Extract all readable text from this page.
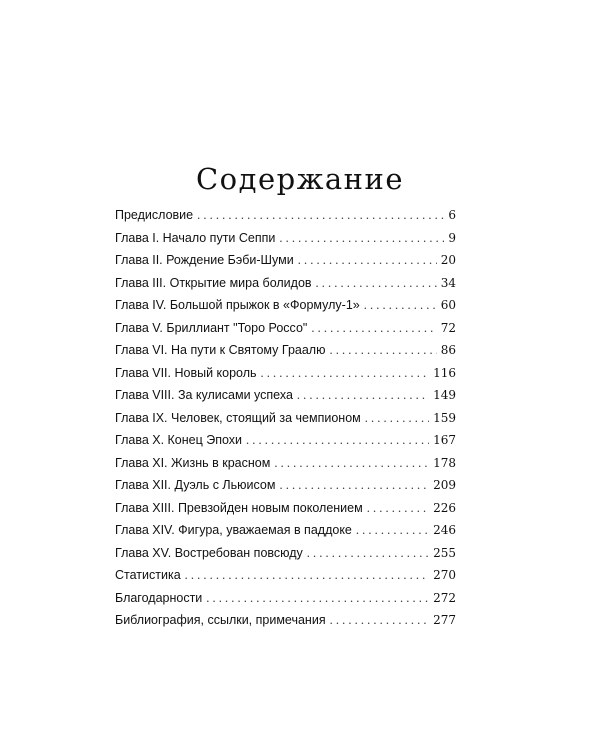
Содержание
Предисловие . . .	6
Глава I. Начало пути Сеппи . . .	9
Глава II. Рождение Бэби-Шуми . . .	20
Глава III. Открытие мира болидов . . .	34
Глава IV. Большой прыжок в «Формулу-1» . . .	60
Глава V. Бриллиант "Торо Россо" . . .	72
Глава VI. На пути к Святому Граалю . . .	86
Глава VII. Новый король . . .	116
Глава VIII. За кулисами успеха . . .	149
Глава IX. Человек, стоящий за чемпионом . . .	159
Глава X. Конец Эпохи . . .	167
Глава XI. Жизнь в красном . . .	178
Глава XII. Дуэль с Льюисом . . .	209
Глава XIII. Превзойден новым поколением . . .	226
Глава XIV. Фигура, уважаемая в паддоке . . .	246
Глава XV. Востребован повсюду . . .	255
Статистика . . .	270
Благодарности . . .	272
Библиография, ссылки, примечания . . .	277
